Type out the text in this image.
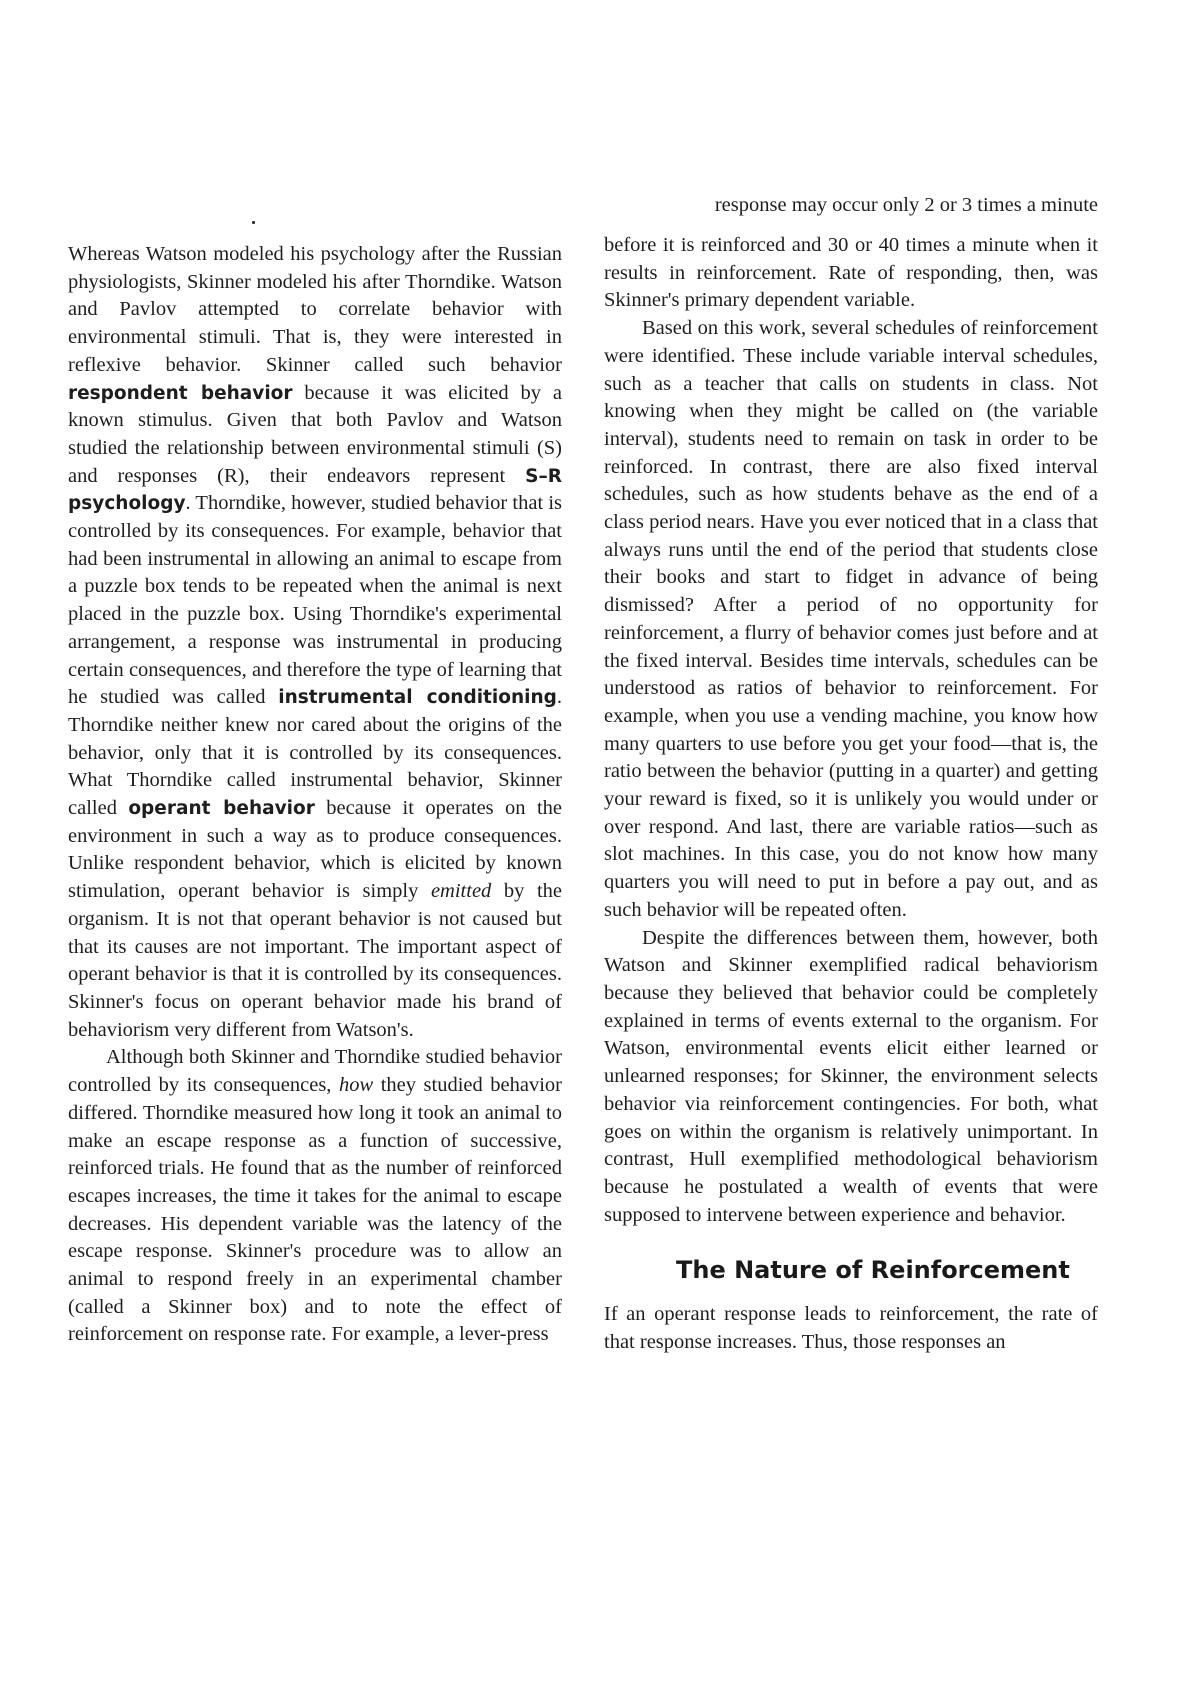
response may occur only 2 or 3 times a minute

Whereas Watson modeled his psychology after the Russian physiologists, Skinner modeled his after Thorndike. Watson and Pavlov attempted to correlate behavior with environmental stimuli. That is, they were interested in reflexive behavior. Skinner called such behavior respondent behavior because it was elicited by a known stimulus. Given that both Pavlov and Watson studied the relationship between environmental stimuli (S) and responses (R), their endeavors represent S–R psychology. Thorndike, however, studied behavior that is controlled by its consequences. For example, behavior that had been instrumental in allowing an animal to escape from a puzzle box tends to be repeated when the animal is next placed in the puzzle box. Using Thorndike's experimental arrangement, a response was instrumental in producing certain consequences, and therefore the type of learning that he studied was called instrumental conditioning. Thorndike neither knew nor cared about the origins of the behavior, only that it is controlled by its consequences. What Thorndike called instrumental behavior, Skinner called operant behavior because it operates on the environment in such a way as to produce consequences. Unlike respondent behavior, which is elicited by known stimulation, operant behavior is simply emitted by the organism. It is not that operant behavior is not caused but that its causes are not important. The important aspect of operant behavior is that it is controlled by its consequences. Skinner's focus on operant behavior made his brand of behaviorism very different from Watson's.

Although both Skinner and Thorndike studied behavior controlled by its consequences, how they studied behavior differed. Thorndike measured how long it took an animal to make an escape response as a function of successive, reinforced trials. He found that as the number of reinforced escapes increases, the time it takes for the animal to escape decreases. His dependent variable was the latency of the escape response. Skinner's procedure was to allow an animal to respond freely in an experimental chamber (called a Skinner box) and to note the effect of reinforcement on response rate. For example, a lever-press

before it is reinforced and 30 or 40 times a minute when it results in reinforcement. Rate of responding, then, was Skinner's primary dependent variable.

Based on this work, several schedules of reinforcement were identified. These include variable interval schedules, such as a teacher that calls on students in class. Not knowing when they might be called on (the variable interval), students need to remain on task in order to be reinforced. In contrast, there are also fixed interval schedules, such as how students behave as the end of a class period nears. Have you ever noticed that in a class that always runs until the end of the period that students close their books and start to fidget in advance of being dismissed? After a period of no opportunity for reinforcement, a flurry of behavior comes just before and at the fixed interval. Besides time intervals, schedules can be understood as ratios of behavior to reinforcement. For example, when you use a vending machine, you know how many quarters to use before you get your food—that is, the ratio between the behavior (putting in a quarter) and getting your reward is fixed, so it is unlikely you would under or over respond. And last, there are variable ratios—such as slot machines. In this case, you do not know how many quarters you will need to put in before a pay out, and as such behavior will be repeated often.

Despite the differences between them, however, both Watson and Skinner exemplified radical behaviorism because they believed that behavior could be completely explained in terms of events external to the organism. For Watson, environmental events elicit either learned or unlearned responses; for Skinner, the environment selects behavior via reinforcement contingencies. For both, what goes on within the organism is relatively unimportant. In contrast, Hull exemplified methodological behaviorism because he postulated a wealth of events that were supposed to intervene between experience and behavior.

The Nature of Reinforcement

If an operant response leads to reinforcement, the rate of that response increases. Thus, those responses an
